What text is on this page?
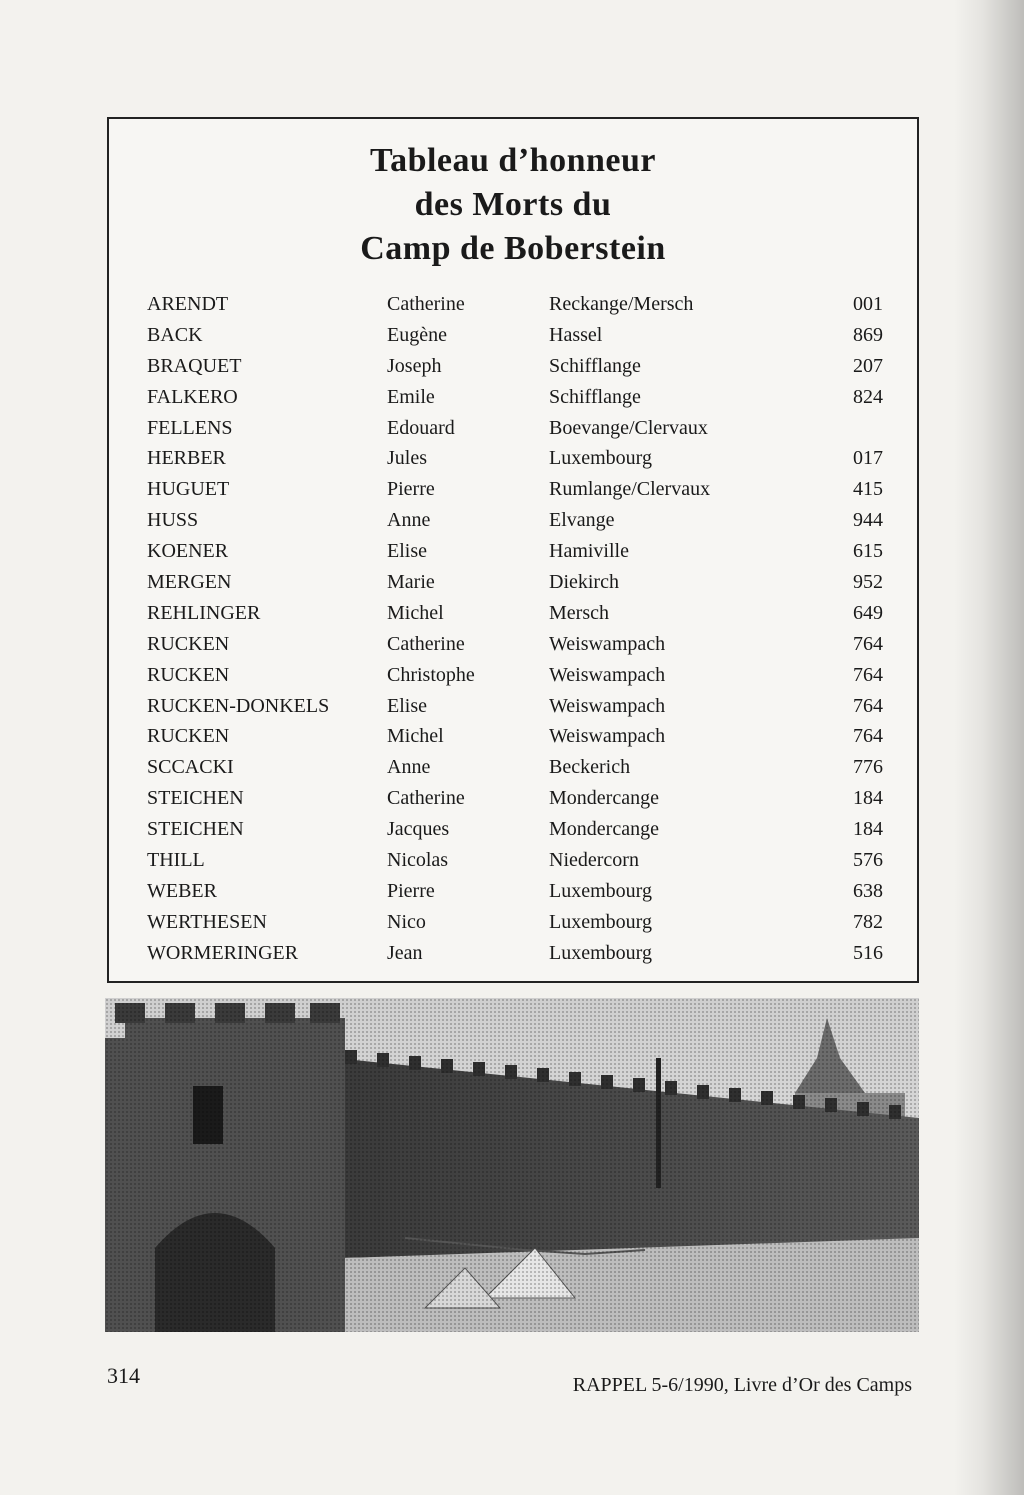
Tableau d’honneur
des Morts du
Camp de Boberstein
ARENDT	Catherine	Reckange/Mersch	001
BACK	Eugène	Hassel	869
BRAQUET	Joseph	Schifflange	207
FALKERO	Emile	Schifflange	824
FELLENS	Edouard	Boevange/Clervaux
HERBER	Jules	Luxembourg	017
HUGUET	Pierre	Rumlange/Clervaux	415
HUSS	Anne	Elvange	944
KOENER	Elise	Hamiville	615
MERGEN	Marie	Diekirch	952
REHLINGER	Michel	Mersch	649
RUCKEN	Catherine	Weiswampach	764
RUCKEN	Christophe	Weiswampach	764
RUCKEN-DONKELS	Elise	Weiswampach	764
RUCKEN	Michel	Weiswampach	764
SCCACKI	Anne	Beckerich	776
STEICHEN	Catherine	Mondercange	184
STEICHEN	Jacques	Mondercange	184
THILL	Nicolas	Niedercorn	576
WEBER	Pierre	Luxembourg	638
WERTHESEN	Nico	Luxembourg	782
WORMERINGER	Jean	Luxembourg	516
314	RAPPEL 5-6/1990, Livre d’Or des Camps
